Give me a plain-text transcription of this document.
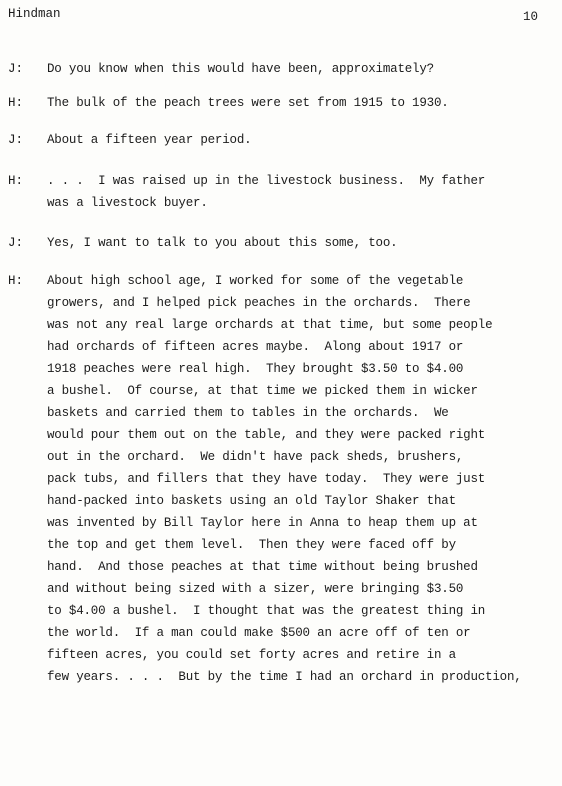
Hindman	10
J:	Do you know when this would have been, approximately?
H:	The bulk of the peach trees were set from 1915 to 1930.
J:	About a fifteen year period.
H:	. . .  I was raised up in the livestock business.  My father
was a livestock buyer.
J:	Yes, I want to talk to you about this some, too.
H:	About high school age, I worked for some of the vegetable
growers, and I helped pick peaches in the orchards.  There
was not any real large orchards at that time, but some people
had orchards of fifteen acres maybe.  Along about 1917 or
1918 peaches were real high.  They brought $3.50 to $4.00
a bushel.  Of course, at that time we picked them in wicker
baskets and carried them to tables in the orchards.  We
would pour them out on the table, and they were packed right
out in the orchard.  We didn't have pack sheds, brushers,
pack tubs, and fillers that they have today.  They were just
hand-packed into baskets using an old Taylor Shaker that
was invented by Bill Taylor here in Anna to heap them up at
the top and get them level.  Then they were faced off by
hand.  And those peaches at that time without being brushed
and without being sized with a sizer, were bringing $3.50
to $4.00 a bushel.  I thought that was the greatest thing in
the world.  If a man could make $500 an acre off of ten or
fifteen acres, you could set forty acres and retire in a
few years. . . .  But by the time I had an orchard in production,
